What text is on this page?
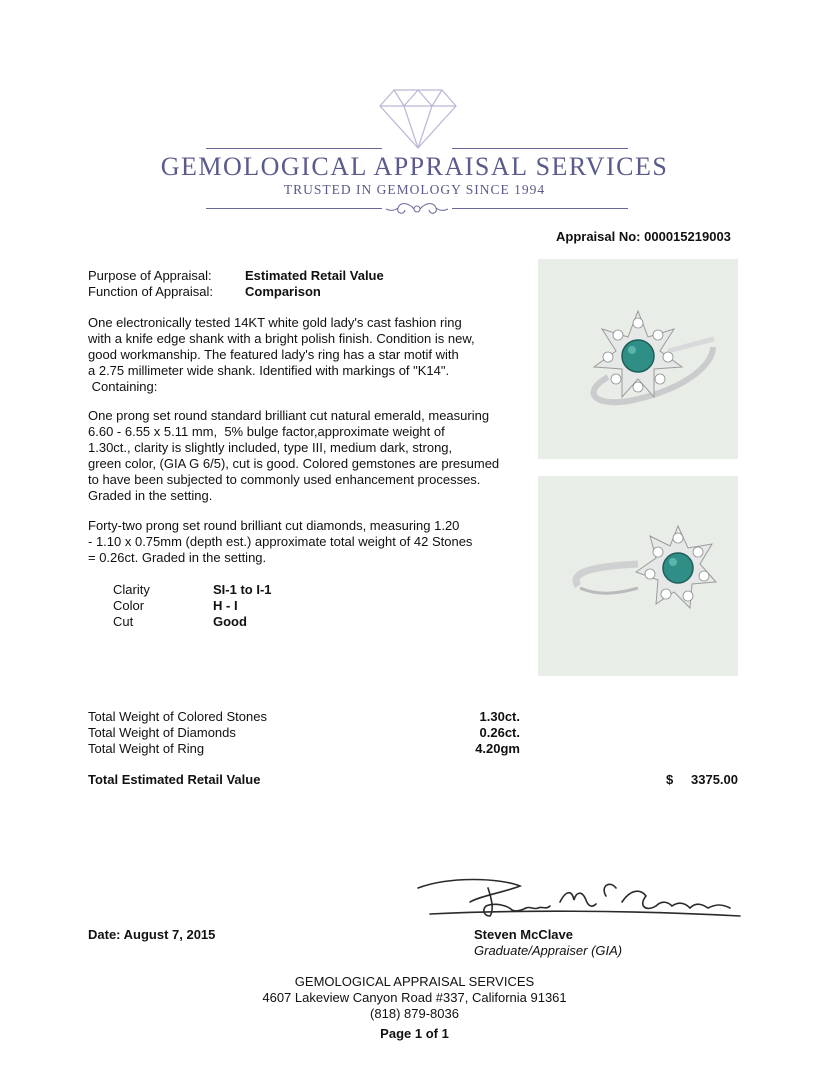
GEMOLOGICAL APPRAISAL SERVICES
TRUSTED IN GEMOLOGY SINCE 1994
Appraisal No: 000015219003
Purpose of Appraisal:	Estimated Retail Value
Function of Appraisal: Comparison
One electronically tested 14KT white gold lady's cast fashion ring
with a knife edge shank with a bright polish finish. Condition is new,
good workmanship. The featured lady's ring has a star motif with
a 2.75 millimeter wide shank. Identified with markings of "K14".
Containing:
One prong set round standard brilliant cut natural emerald, measuring
6.60 - 6.55 x 5.11 mm,  5% bulge factor,approximate weight of
1.30ct., clarity is slightly included, type III, medium dark, strong,
green color, (GIA G 6/5), cut is good. Colored gemstones are presumed
to have been subjected to commonly used enhancement processes.
Graded in the setting.
Forty-two prong set round brilliant cut diamonds, measuring 1.20
- 1.10 x 0.75mm (depth est.) approximate total weight of 42 Stones
= 0.26ct. Graded in the setting.
Clarity	SI-1 to I-1
Color	H - I
Cut	Good
Total Weight of Colored Stones	1.30ct.
Total Weight of Diamonds	0.26ct.
Total Weight of Ring	4.20gm
Total Estimated Retail Value	$	3375.00
Date: August 7, 2015	Steven McClave
Graduate/Appraiser (GIA)
GEMOLOGICAL APPRAISAL SERVICES
4607 Lakeview Canyon Road #337, California 91361
(818) 879-8036
Page 1 of 1
